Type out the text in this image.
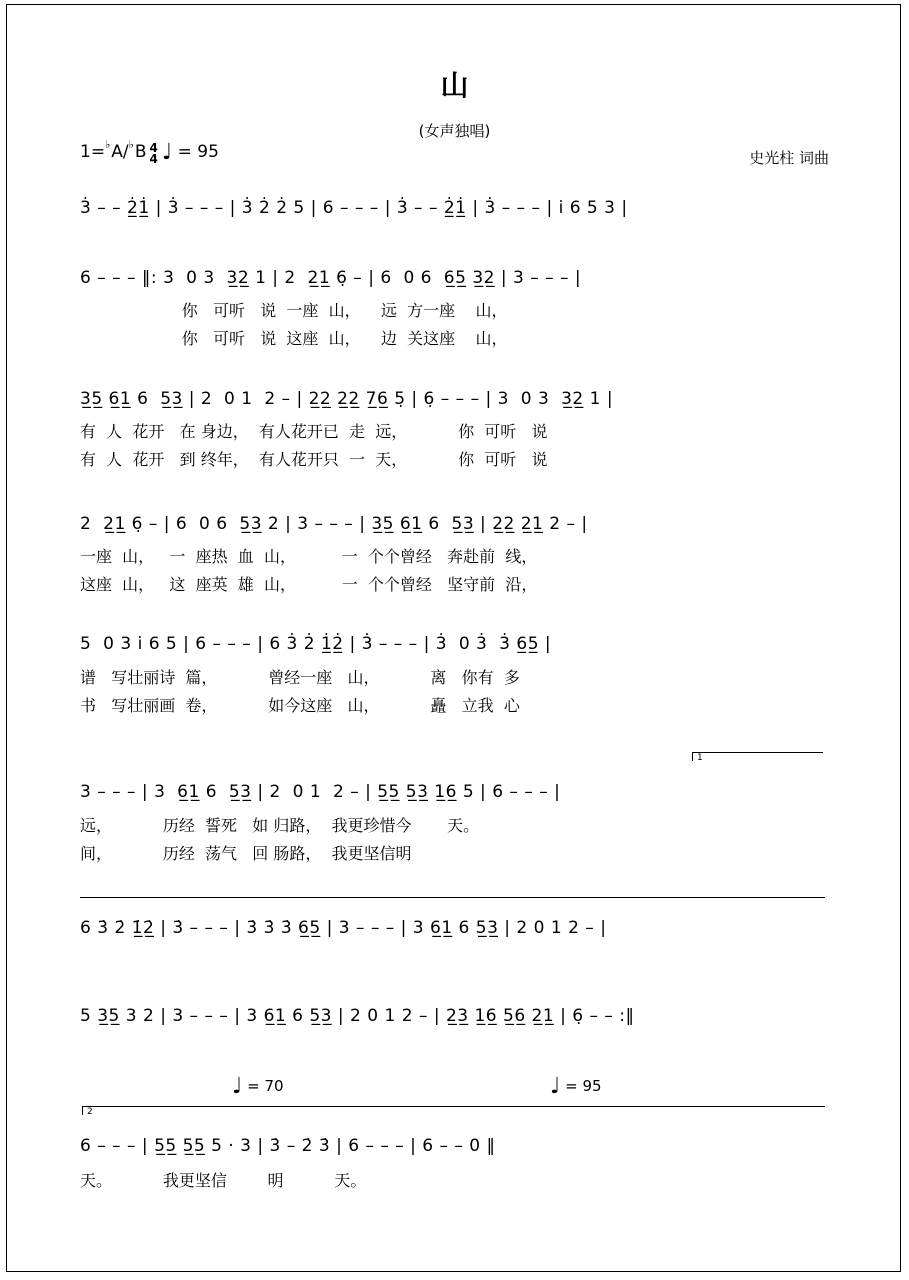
山
(女声独唱)
1=♭A/♭B 4
4 ♩ = 95	史光柱 词曲
3̇ – – 2̲̇1̲̇ | 3̇ – – – | 3̇ 2̇ 2̇ 5 | 6 – – – | 3̇ – – 2̲̇1̲̇ | 3̇ – – – | i̇ 6 5 3 |
6 – – – ‖: 3  0 3  3̲2̲ 1 | 2  2̲1̲ 6̣ – | 6  0 6  6̲5̲ 3̲2̲ | 3 – – – |
你   可听   说  一座  山，    远  方一座    山，
你   可听   说  这座  山，    边  关这座    山，
3̲5̲ 6̲1̲ 6  5̲3̲ | 2  0 1  2 – | 2̲2̲ 2̲2̲ 7̲6̲ 5̣ | 6̣ – – – | 3  0 3  3̲2̲ 1 |
有  人  花开   在 身边，  有人花开已  走  远，          你  可听   说
有  人  花开   到 终年，  有人花开只  一  天，          你  可听   说
2  2̲1̲ 6̣ – | 6  0 6  5̲3̲ 2 | 3 – – – | 3̲5̲ 6̲1̲ 6  5̲3̲ | 2̲2̲ 2̲1̲ 2 – |
一座  山，   一  座热  血  山，         一  个个曾经   奔赴前  线，
这座  山，   这  座英  雄  山，         一  个个曾经   坚守前  沿，
5  0 3 i̇ 6 5 | 6 – – – | 6 3̇ 2̇ 1̲̇2̲̇ | 3̇ – – – | 3̇  0 3̇  3̇ 6̲5̲ |
谱   写壮丽诗  篇，          曾经一座   山，          离   你有  多
书   写壮丽画  卷，          如今这座   山，          矗   立我  心
1
3 – – – | 3  6̲1̲ 6  5̲3̲ | 2  0 1  2 – | 5̲5̲ 5̲3̲ 1̲6̲ 5 | 6 – – – |
远，          历经  誓死   如 归路，  我更珍惜今       天。
间，          历经  荡气   回 肠路，  我更坚信明
6 3̇ 2̇ 1̲̇2̲̇ | 3̇ – – – | 3̇ 3̇ 3̇ 6̲5̲ | 3 – – – | 3 6̲1̲ 6 5̲3̲ | 2 0 1 2 – |
5 3̲5̲ 3 2 | 3 – – – | 3 6̲1̲ 6 5̲3̲ | 2 0 1 2 – | 2̲3̲ 1̲6̲ 5̲6̲ 2̲1̲ | 6̣ – – :‖
♩ = 70	♩ = 95
2
6 – – – | 5̲5̲ 5̲5̲ 5 · 3 | 3̇ – 2̇ 3̇ | 6 – – – | 6 – – 0 ‖
天。          我更坚信        明          天。
